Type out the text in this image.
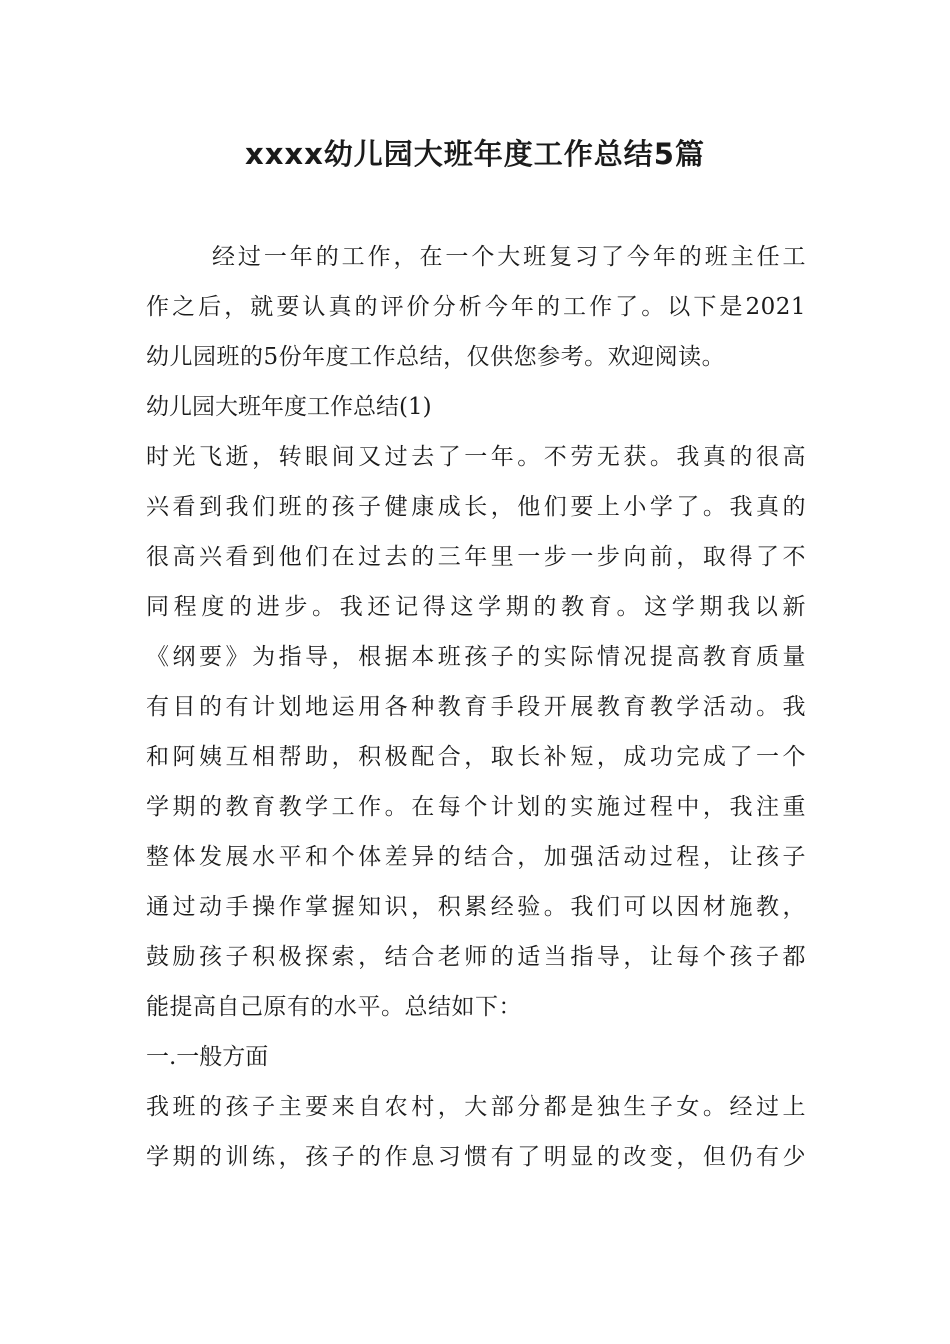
xxxx幼儿园大班年度工作总结5篇
经过一年的工作，在一个大班复习了今年的班主任工
作之后，就要认真的评价分析今年的工作了。以下是2021
幼儿园班的5份年度工作总结，仅供您参考。欢迎阅读。
幼儿园大班年度工作总结(1)
时光飞逝，转眼间又过去了一年。不劳无获。我真的很高
兴看到我们班的孩子健康成长，他们要上小学了。我真的
很高兴看到他们在过去的三年里一步一步向前，取得了不
同程度的进步。我还记得这学期的教育。这学期我以新
《纲要》为指导，根据本班孩子的实际情况提高教育质量
有目的有计划地运用各种教育手段开展教育教学活动。我
和阿姨互相帮助，积极配合，取长补短，成功完成了一个
学期的教育教学工作。在每个计划的实施过程中，我注重
整体发展水平和个体差异的结合，加强活动过程，让孩子
通过动手操作掌握知识，积累经验。我们可以因材施教，
鼓励孩子积极探索，结合老师的适当指导，让每个孩子都
能提高自己原有的水平。总结如下：
一.一般方面
我班的孩子主要来自农村，大部分都是独生子女。经过上
学期的训练，孩子的作息习惯有了明显的改变，但仍有少
